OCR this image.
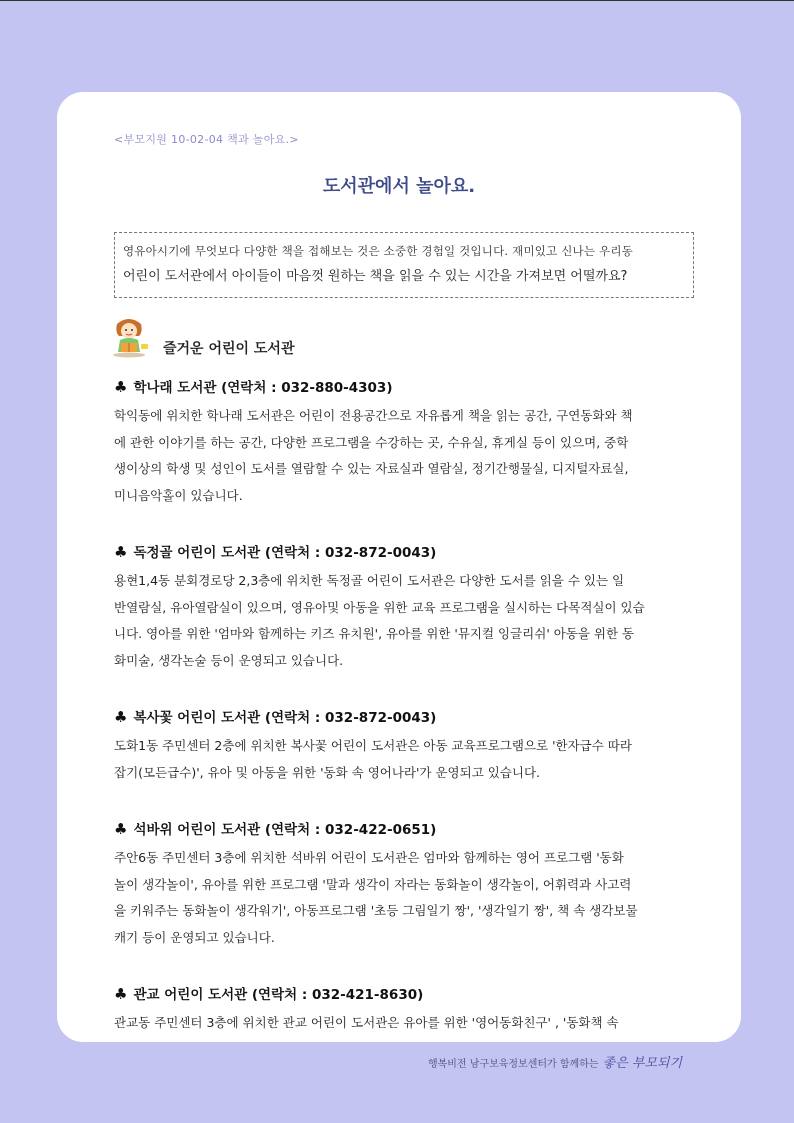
<부모지원 10-02-04 책과 놀아요.>
도서관에서 놀아요.
영유아시기에 무엇보다 다양한 책을 접해보는 것은 소중한 경험일 것입니다. 재미있고 신나는 우리동
어린이 도서관에서 아이들이 마음껏 원하는 책을 읽을 수 있는 시간을 가져보면 어떨까요?
즐거운 어린이 도서관
♣ 학나래 도서관 (연락처 : 032-880-4303)
학익동에 위치한 학나래 도서관은 어린이 전용공간으로 자유롭게 책을 읽는 공간, 구연동화와 책
에 관한 이야기를 하는 공간, 다양한 프로그램을 수강하는 곳, 수유실, 휴게실 등이 있으며, 중학
생이상의 학생 및 성인이 도서를 열람할 수 있는 자료실과 열람실, 정기간행물실, 디지털자료실,
미니음악홀이 있습니다.
♣ 독정골 어린이 도서관 (연락처 : 032-872-0043)
용현1,4동 분회경로당 2,3층에 위치한 독정골 어린이 도서관은 다양한 도서를 읽을 수 있는 일
반열람실, 유아열람실이 있으며, 영유아및 아동을 위한 교육 프로그램을 실시하는 다목적실이 있습
니다. 영아를 위한 '엄마와 함께하는 키즈 유치원', 유아를 위한 '뮤지컬 잉글리쉬' 아동을 위한 동
화미술, 생각논술 등이 운영되고 있습니다.
♣ 복사꽃 어린이 도서관 (연락처 : 032-872-0043)
도화1동 주민센터 2층에 위치한 복사꽃 어린이 도서관은 아동 교육프로그램으로 '한자급수 따라
잡기(모든급수)', 유아 및 아동을 위한 '동화 속 영어나라'가 운영되고 있습니다.
♣ 석바위 어린이 도서관 (연락처 : 032-422-0651)
주안6동 주민센터 3층에 위치한 석바위 어린이 도서관은 엄마와 함께하는 영어 프로그램 '동화
놀이 생각놀이', 유아를 위한 프로그램 '말과 생각이 자라는 동화놀이 생각놀이, 어휘력과 사고력
을 키워주는 동화놀이 생각워기', 아동프로그램 '초등 그림일기 짱', '생각일기 짱', 책 속 생각보물
캐기 등이 운영되고 있습니다.
♣ 관교 어린이 도서관 (연락처 : 032-421-8630)
관교동 주민센터 3층에 위치한 관교 어린이 도서관은 유아를 위한 '영어동화친구' , '동화책 속
행복비전 남구보육정보센터가 함께하는 좋은 부모되기
